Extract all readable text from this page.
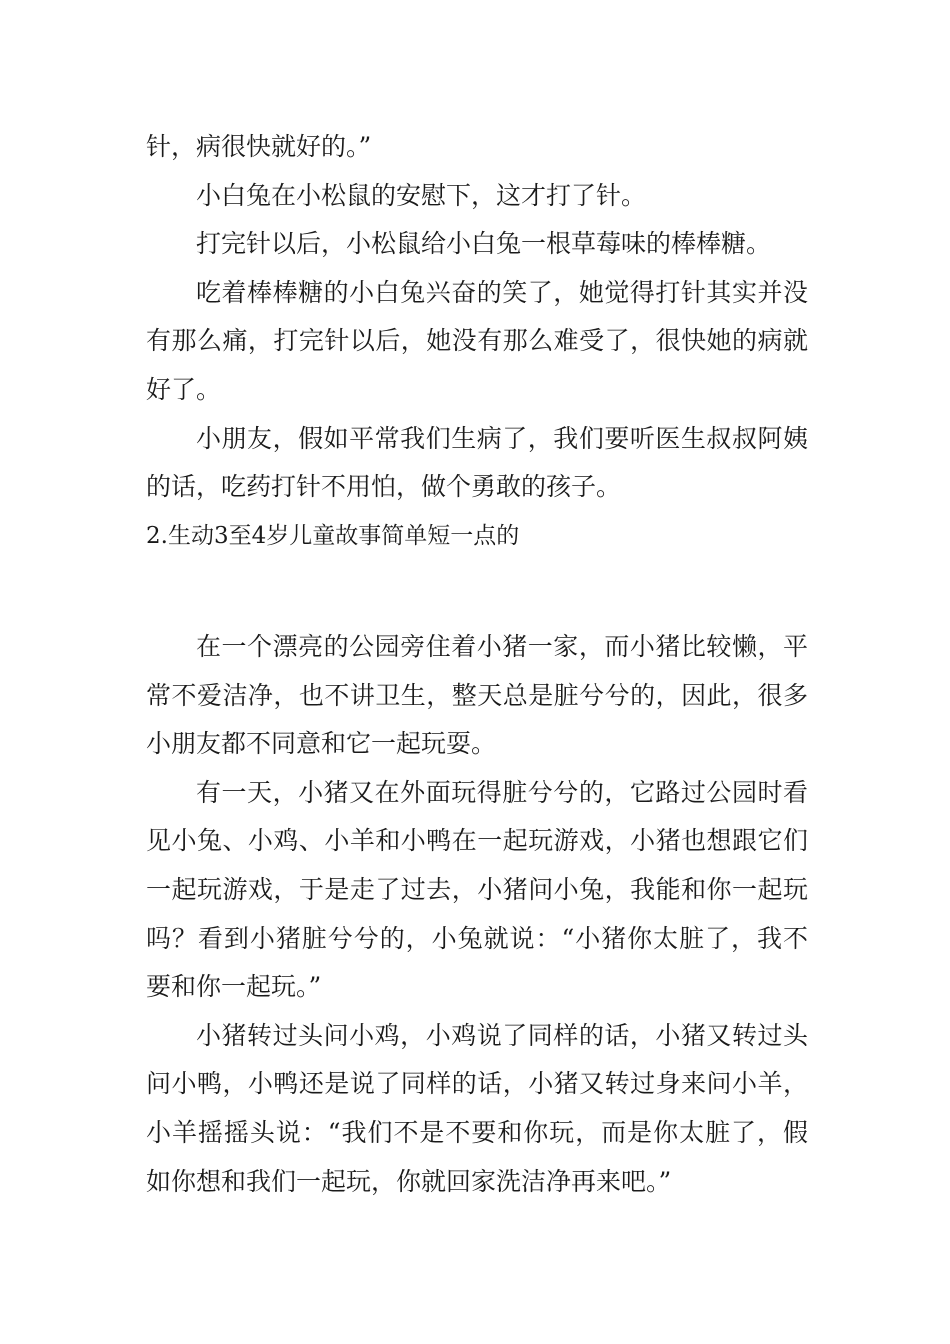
针，病很快就好的。”

小白兔在小松鼠的安慰下，这才打了针。

打完针以后，小松鼠给小白兔一根草莓味的棒棒糖。

吃着棒棒糖的小白兔兴奋的笑了，她觉得打针其实并没有那么痛，打完针以后，她没有那么难受了，很快她的病就好了。

小朋友，假如平常我们生病了，我们要听医生叔叔阿姨的话，吃药打针不用怕，做个勇敢的孩子。

2.生动3至4岁儿童故事简单短一点的

在一个漂亮的公园旁住着小猪一家，而小猪比较懒，平常不爱洁净，也不讲卫生，整天总是脏兮兮的，因此，很多小朋友都不同意和它一起玩耍。

有一天，小猪又在外面玩得脏兮兮的，它路过公园时看见小兔、小鸡、小羊和小鸭在一起玩游戏，小猪也想跟它们一起玩游戏，于是走了过去，小猪问小兔，我能和你一起玩吗？看到小猪脏兮兮的，小兔就说：“小猪你太脏了，我不要和你一起玩。”

小猪转过头问小鸡，小鸡说了同样的话，小猪又转过头问小鸭，小鸭还是说了同样的话，小猪又转过身来问小羊，小羊摇摇头说：“我们不是不要和你玩，而是你太脏了，假如你想和我们一起玩，你就回家洗洁净再来吧。”
